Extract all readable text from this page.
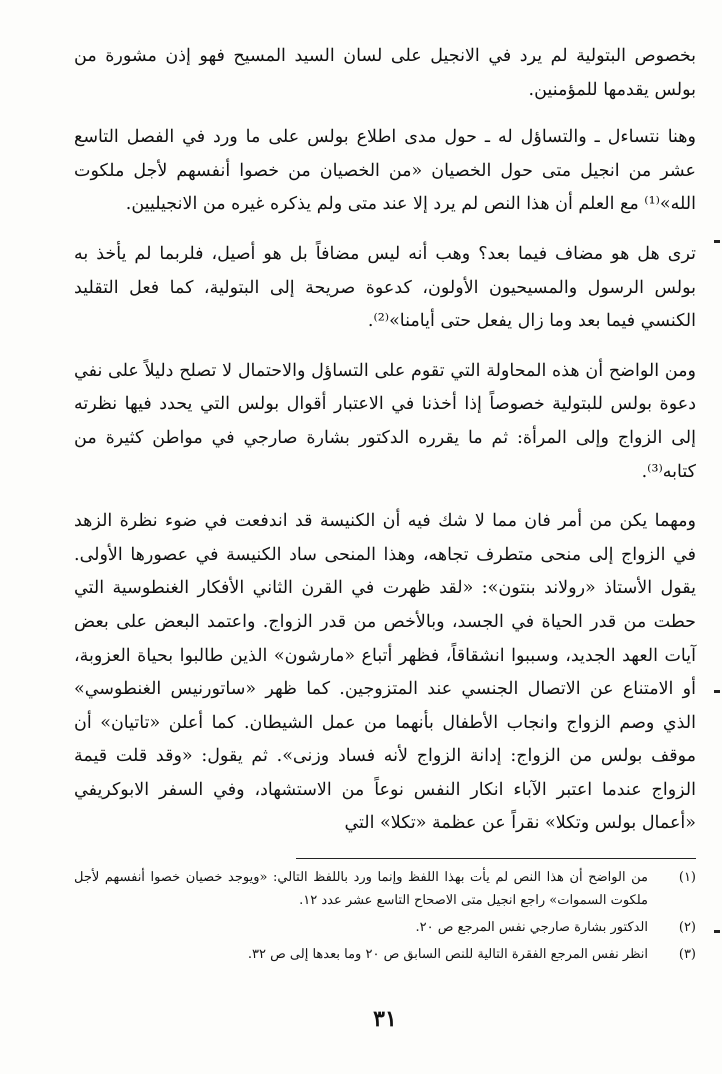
بخصوص البتولية لم يرد في الانجيل على لسان السيد المسيح فهو إذن مشورة من بولس يقدمها للمؤمنين.

وهنا نتساءل ـ والتساؤل له ـ حول مدى اطلاع بولس على ما ورد في الفصل التاسع عشر من انجيل متى حول الخصيان «من الخصيان من خصوا أنفسهم لأجل ملكوت الله»⁽¹⁾ مع العلم أن هذا النص لم يرد إلا عند متى ولم يذكره غيره من الانجيليين.

ترى هل هو مضاف فيما بعد؟ وهب أنه ليس مضافاً بل هو أصيل، فلربما لم يأخذ به بولس الرسول والمسيحيون الأولون، كدعوة صريحة إلى البتولية، كما فعل التقليد الكنسي فيما بعد وما زال يفعل حتى أيامنا»⁽²⁾.

ومن الواضح أن هذه المحاولة التي تقوم على التساؤل والاحتمال لا تصلح دليلاً على نفي دعوة بولس للبتولية خصوصاً إذا أخذنا في الاعتبار أقوال بولس التي يحدد فيها نظرته إلى الزواج وإلى المرأة: ثم ما يقرره الدكتور بشارة صارجي في مواطن كثيرة من كتابه⁽³⁾.

ومهما يكن من أمر فان مما لا شك فيه أن الكنيسة قد اندفعت في ضوء نظرة الزهد في الزواج إلى منحى متطرف تجاهه، وهذا المنحى ساد الكنيسة في عصورها الأولى. يقول الأستاذ «رولاند بنتون»: «لقد ظهرت في القرن الثاني الأفكار الغنطوسية التي حطت من قدر الحياة في الجسد، وبالأخص من قدر الزواج. واعتمد البعض على بعض آيات العهد الجديد، وسببوا انشقاقاً، فظهر أتباع «مارشون» الذين طالبوا بحياة العزوبة، أو الامتناع عن الاتصال الجنسي عند المتزوجين. كما ظهر «ساتورنيس الغنطوسي» الذي وصم الزواج وانجاب الأطفال بأنهما من عمل الشيطان. كما أعلن «تاتيان» أن موقف بولس من الزواج: إدانة الزواج لأنه فساد وزنى». ثم يقول: «وقد قلت قيمة الزواج عندما اعتبر الآباء انكار النفس نوعاً من الاستشهاد، وفي السفر الابوكريفي «أعمال بولس وتكلا» نقراً عن عظمة «تكلا» التي

(١)
من الواضح أن هذا النص لم يأت بهذا اللفظ وإنما ورد باللفظ التالي: «ويوجد خصيان خصوا أنفسهم لأجل ملكوت السموات» راجع انجيل متى الاصحاح التاسع عشر عدد ١٢.
(٢)
الدكتور بشارة صارجي نفس المرجع ص ٢٠.
(٣)
انظر نفس المرجع الفقرة التالية للنص السابق ص ٢٠ وما بعدها إلى ص ٣٢.
٣١
